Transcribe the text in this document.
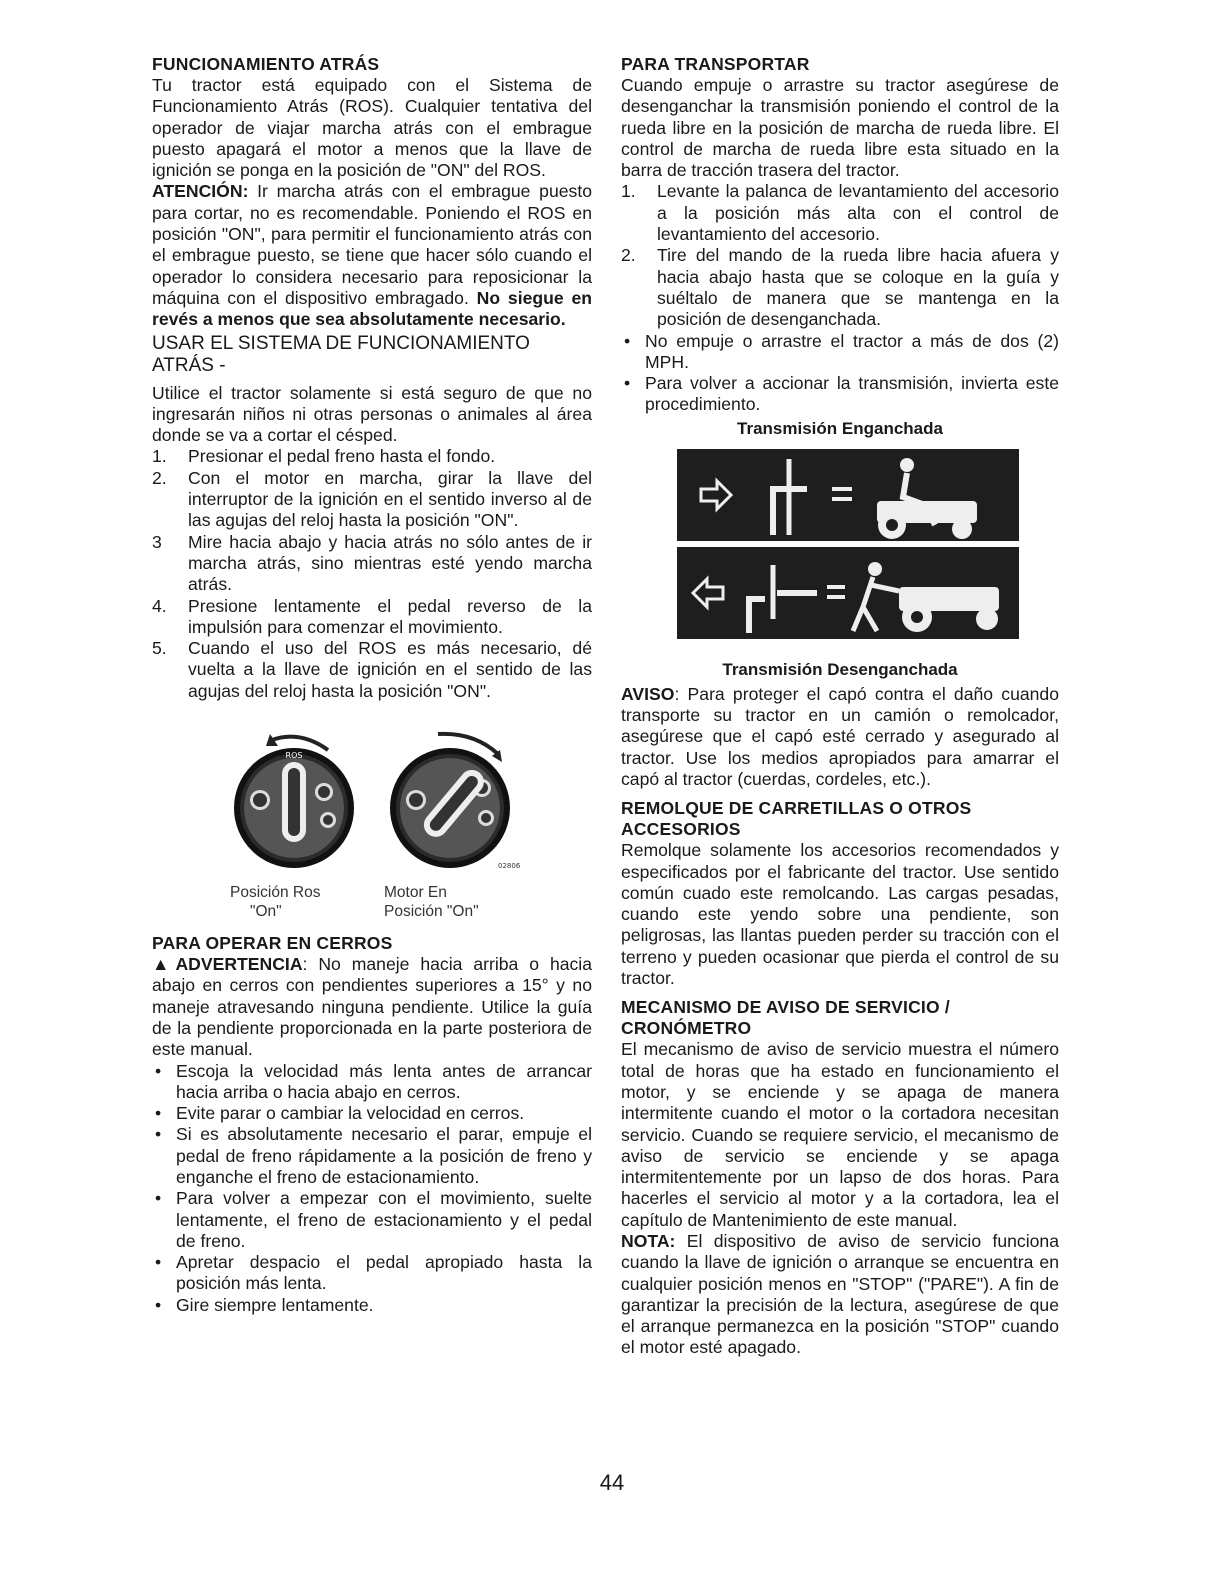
FUNCIONAMIENTO ATRÁS

Tu tractor está equipado con el Sistema de Funcionamiento Atrás (ROS). Cualquier tentativa del operador de viajar marcha atrás con el embrague puesto apagará el motor a menos que la llave de ignición se ponga en la posición de "ON" del ROS.

ATENCIÓN: Ir marcha atrás con el embrague puesto para cortar, no es recomendable. Poniendo el ROS en posición "ON", para permitir el funcionamiento atrás con el embrague puesto, se tiene que hacer sólo cuando el operador lo considera necesario para reposicionar la máquina con el dispositivo embragado. No siegue en revés a menos que sea absolutamente necesario.

USAR EL SISTEMA DE FUNCIONAMIENTO ATRÁS -

Utilice el tractor solamente si está seguro de que no ingresarán niños ni otras personas o animales al área donde se va a cortar el césped.

1. Presionar el pedal freno hasta el fondo.
2. Con el motor en marcha, girar la llave del interruptor de la ignición en el sentido inverso al de las agujas del reloj hasta la posición "ON".
3 Mire hacia abajo y hacia atrás no sólo antes de ir marcha atrás, sino mientras esté yendo marcha atrás.
4. Presione lentamente el pedal reverso de la impulsión para comenzar el movimiento.
5. Cuando el uso del ROS es más necesario, dé vuelta a la llave de ignición en el sentido de las agujas del reloj hasta la posición "ON".
ROS
Posición Ros
"On"
02806
Motor En
Posición "On"
PARA OPERAR EN CERROS

▲ADVERTENCIA: No maneje hacia arriba o hacia abajo en cerros con pendientes superiores a 15° y no maneje atravesando ninguna pendiente. Utilice la guía de la pendiente proporcionada en la parte posteriora de este manual.

• Escoja la velocidad más lenta antes de arrancar hacia arriba o hacia abajo en cerros.
• Evite parar o cambiar la velocidad en cerros.
• Si es absolutamente necesario el parar, empuje el pedal de freno rápidamente a la posición de freno y enganche el freno de estacionamiento.
• Para volver a empezar con el movimiento, suelte lentamente, el freno de estacionamiento y el pedal de freno.
• Apretar despacio el pedal apropiado hasta la posición más lenta.
• Gire siempre lentamente.
PARA TRANSPORTAR

Cuando empuje o arrastre su tractor asegúrese de desenganchar la transmisión poniendo el control de la rueda libre en la posición de marcha de rueda libre. El control de marcha de rueda libre esta situado en la barra de tracción trasera del tractor.

1. Levante la palanca de levantamiento del accesorio a la posición más alta con el control de levantamiento del accesorio.
2. Tire del mando de la rueda libre hacia afuera y hacia abajo hasta que se coloque en la guía y suéltalo de manera que se mantenga en la posición de desenganchada.
• No empuje o arrastre el tractor a más de dos (2) MPH.
• Para volver a accionar la transmisión, invierta este procedimiento.
Transmisión Enganchada
Transmisión Desenganchada

AVISO: Para proteger el capó contra el daño cuando transporte su tractor en un camión o remolcador, asegúrese que el capó esté cerrado y asegurado al tractor. Use los medios apropiados para amarrar el capó al tractor (cuerdas, cordeles, etc.).

REMOLQUE DE CARRETILLAS O OTROS ACCESORIOS

Remolque solamente los accesorios recomendados y especificados por el fabricante del tractor. Use sentido común cuado este remolcando. Las cargas pesadas, cuando este yendo sobre una pendiente, son peligrosas, las llantas pueden perder su tracción con el terreno y pueden ocasionar que pierda el control de su tractor.

MECANISMO DE AVISO DE SERVICIO / CRONÓMETRO

El mecanismo de aviso de servicio muestra el número total de horas que ha estado en funcionamiento el motor, y se enciende y se apaga de manera intermitente cuando el motor o la cortadora necesitan servicio. Cuando se requiere servicio, el mecanismo de aviso de servicio se enciende y se apaga intermitentemente por un lapso de dos horas. Para hacerles el servicio al motor y a la cortadora, lea el capítulo de Mantenimiento de este manual.

NOTA: El dispositivo de aviso de servicio funciona cuando la llave de ignición o arranque se encuentra en cualquier posición menos en "STOP" ("PARE"). A fin de garantizar la precisión de la lectura, asegúrese de que el arranque permanezca en la posición "STOP" cuando el motor esté apagado.

44
